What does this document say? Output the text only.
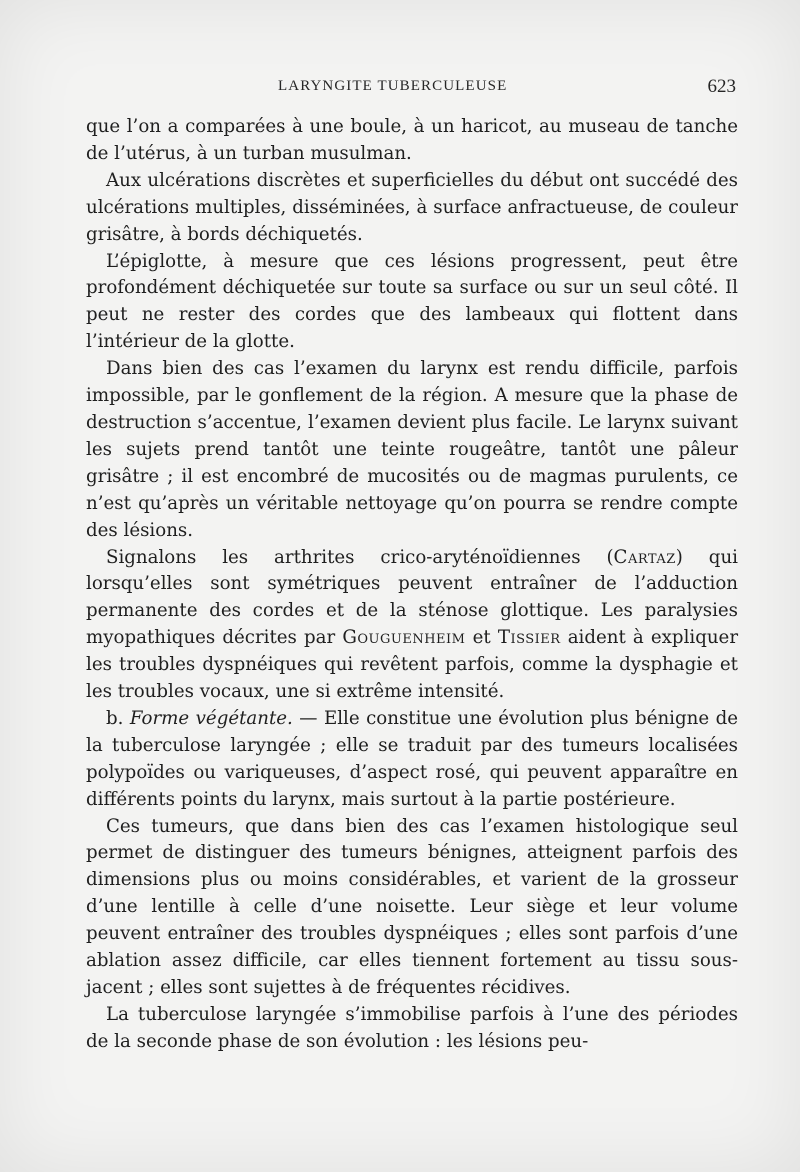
LARYNGITE TUBERCULEUSE	623

que l’on a comparées à une boule, à un haricot, au museau de tanche de l’utérus, à un turban musulman.

Aux ulcérations discrètes et superficielles du début ont succédé des ulcérations multiples, disséminées, à surface anfractueuse, de couleur grisâtre, à bords déchiquetés.

L’épiglotte, à mesure que ces lésions progressent, peut être profondément déchiquetée sur toute sa surface ou sur un seul côté. Il peut ne rester des cordes que des lambeaux qui flottent dans l’intérieur de la glotte.

Dans bien des cas l’examen du larynx est rendu difficile, parfois impossible, par le gonflement de la région. A mesure que la phase de destruction s’accentue, l’examen devient plus facile. Le larynx suivant les sujets prend tantôt une teinte rougeâtre, tantôt une pâleur grisâtre ; il est encombré de mucosités ou de magmas purulents, ce n’est qu’après un véritable nettoyage qu’on pourra se rendre compte des lésions.

Signalons les arthrites crico-aryténoïdiennes (Cartaz) qui lorsqu’elles sont symétriques peuvent entraîner de l’adduction permanente des cordes et de la sténose glottique. Les paralysies myopathiques décrites par Gouguenheim et Tissier aident à expliquer les troubles dyspnéiques qui revêtent parfois, comme la dysphagie et les troubles vocaux, une si extrême intensité.

b. Forme végétante. — Elle constitue une évolution plus bénigne de la tuberculose laryngée ; elle se traduit par des tumeurs localisées polypoïdes ou variqueuses, d’aspect rosé, qui peuvent apparaître en différents points du larynx, mais surtout à la partie postérieure.

Ces tumeurs, que dans bien des cas l’examen histologique seul permet de distinguer des tumeurs bénignes, atteignent parfois des dimensions plus ou moins considérables, et varient de la grosseur d’une lentille à celle d’une noisette. Leur siège et leur volume peuvent entraîner des troubles dyspnéiques ; elles sont parfois d’une ablation assez difficile, car elles tiennent fortement au tissu sous-jacent ; elles sont sujettes à de fréquentes récidives.

La tuberculose laryngée s’immobilise parfois à l’une des périodes de la seconde phase de son évolution : les lésions peu-
